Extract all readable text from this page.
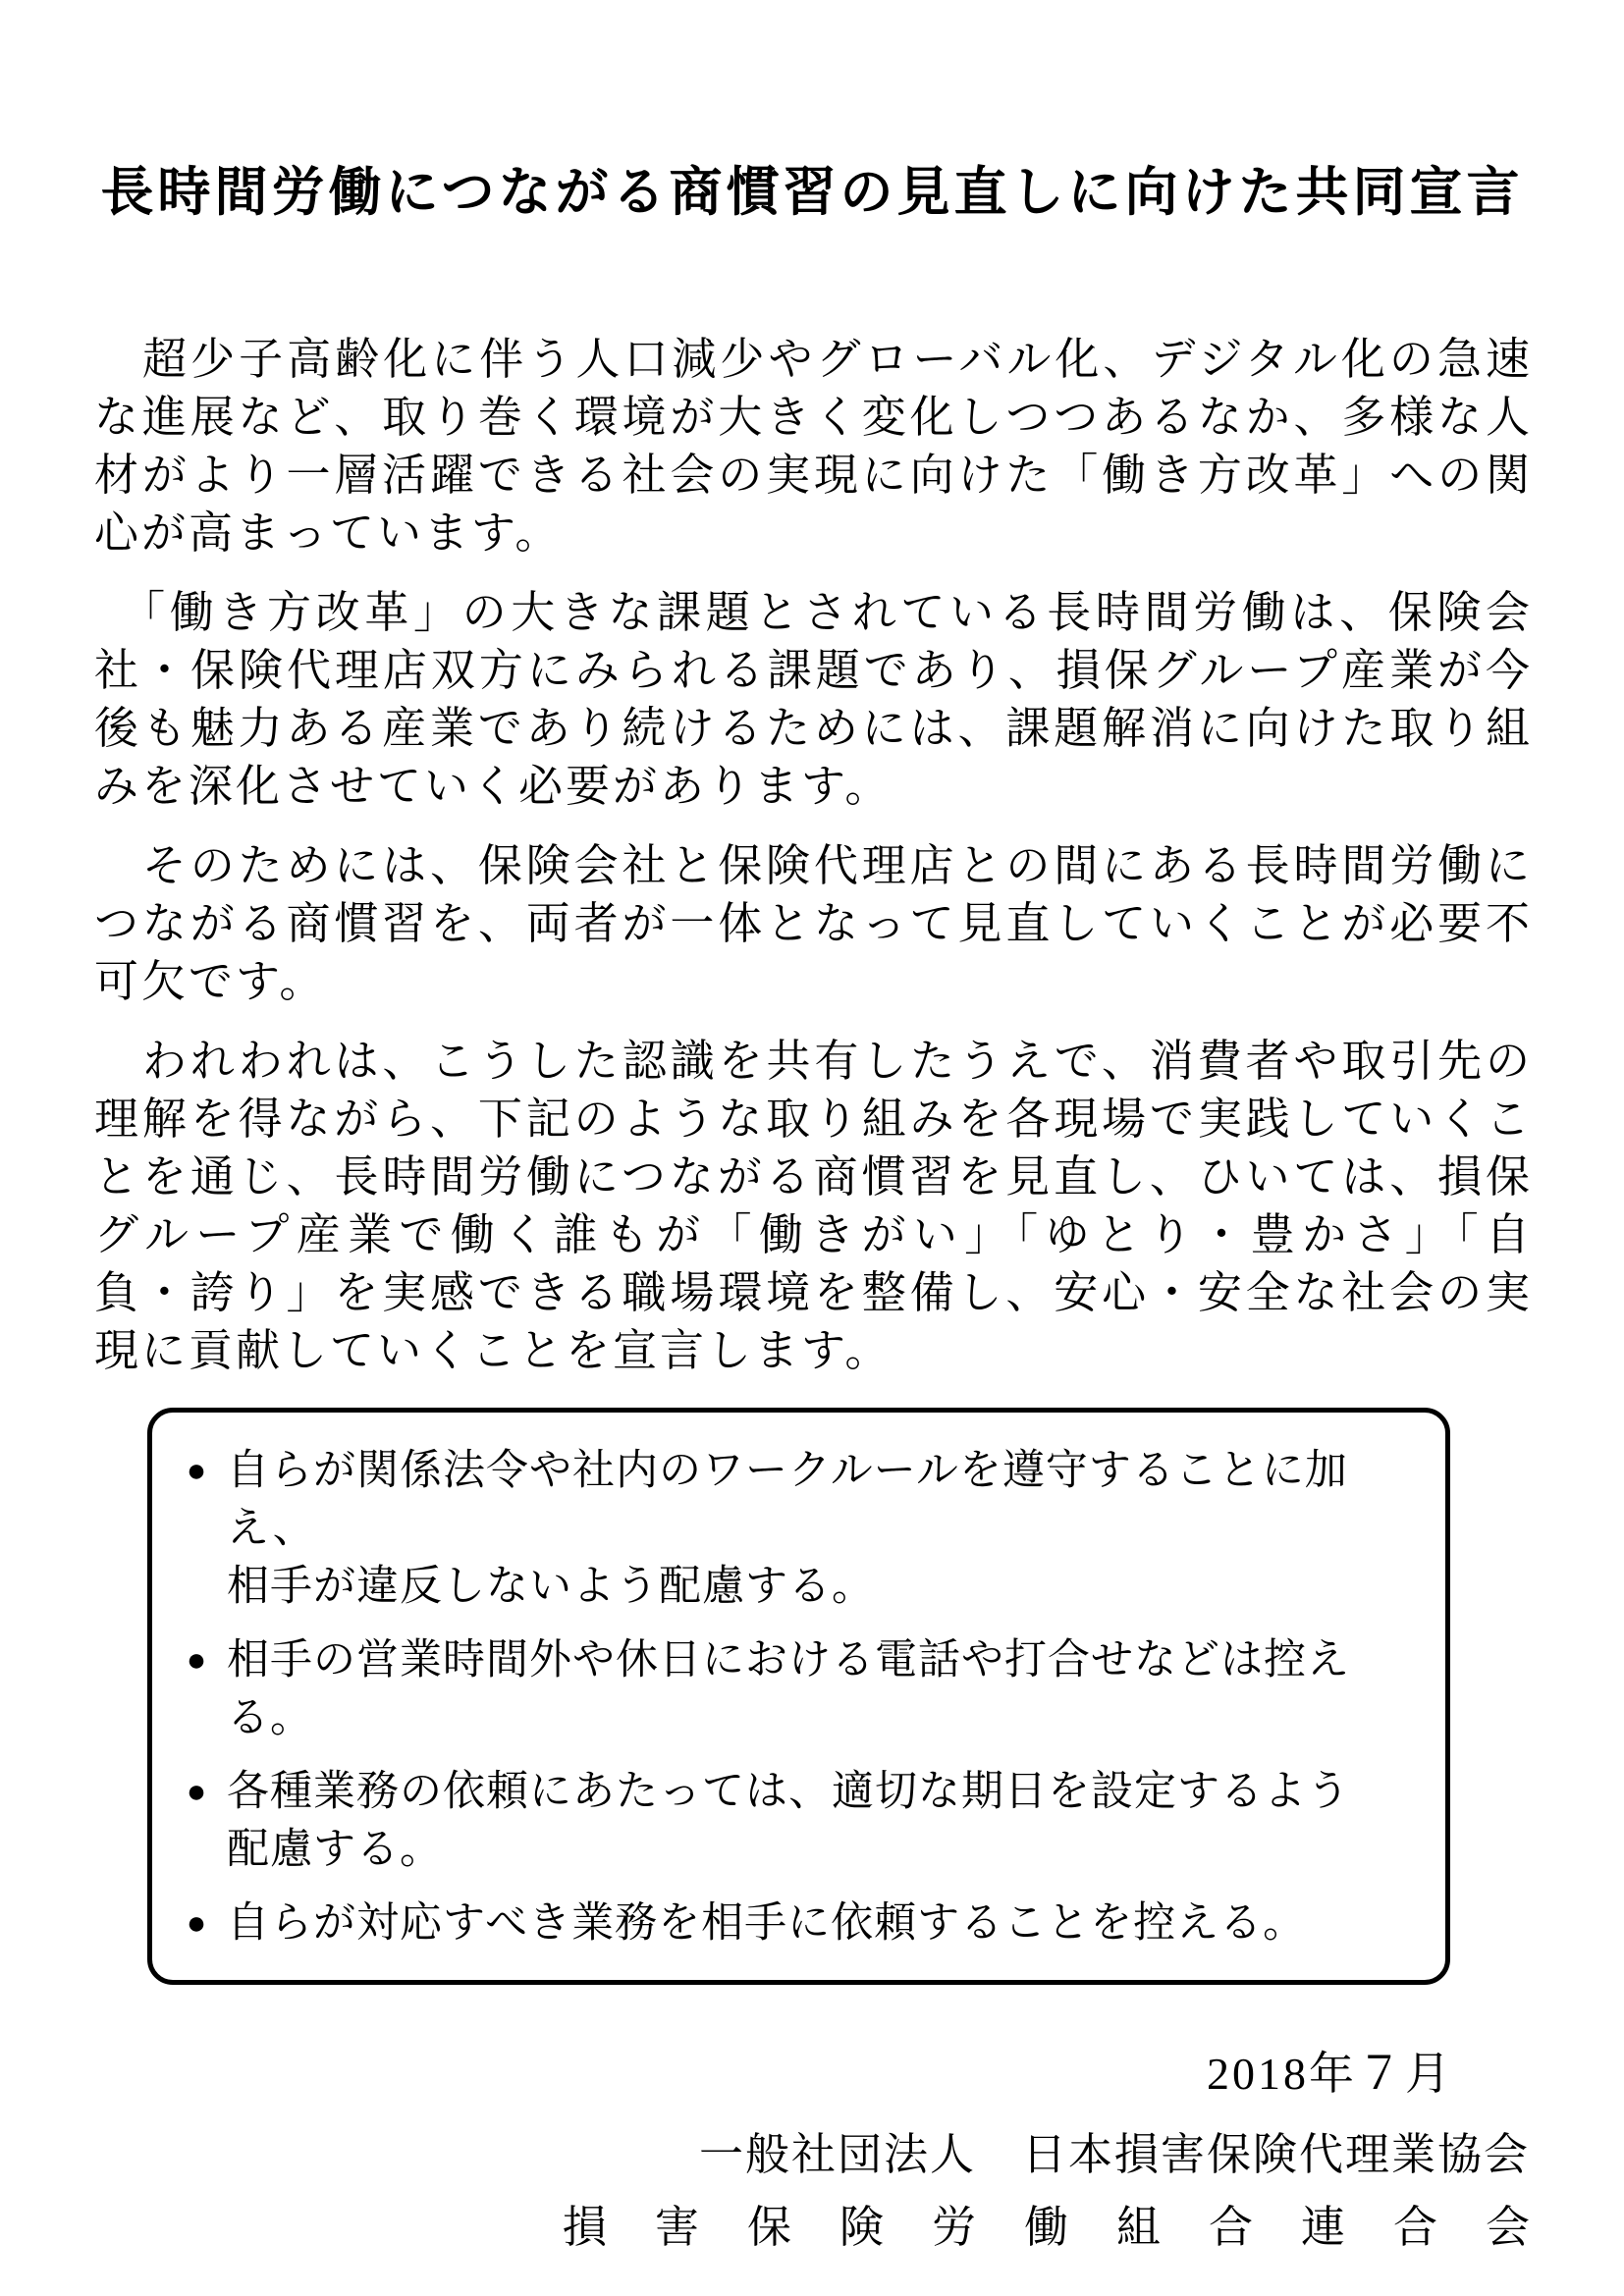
長時間労働につながる商慣習の見直しに向けた共同宣言
　超少子高齢化に伴う人口減少やグローバル化、デジタル化の急速
な進展など、取り巻く環境が大きく変化しつつあるなか、多様な人
材がより一層活躍できる社会の実現に向けた「働き方改革」への関
心が高まっています。
　「働き方改革」の大きな課題とされている長時間労働は、保険会
社・保険代理店双方にみられる課題であり、損保グループ産業が今
後も魅力ある産業であり続けるためには、課題解消に向けた取り組
みを深化させていく必要があります。
　そのためには、保険会社と保険代理店との間にある長時間労働に
つながる商慣習を、両者が一体となって見直していくことが必要不
可欠です。
　われわれは、こうした認識を共有したうえで、消費者や取引先の
理解を得ながら、下記のような取り組みを各現場で実践していくこ
とを通じ、長時間労働につながる商慣習を見直し、ひいては、損保
グループ産業で働く誰もが「働きがい」「ゆとり・豊かさ」「自
負・誇り」を実感できる職場環境を整備し、安心・安全な社会の実
現に貢献していくことを宣言します。
● 自らが関係法令や社内のワークルールを遵守することに加え、
相手が違反しないよう配慮する。
● 相手の営業時間外や休日における電話や打合せなどは控える。
● 各種業務の依頼にあたっては、適切な期日を設定するよう
配慮する。
● 自らが対応すべき業務を相手に依頼することを控える。
2018年７月
一般社団法人　日本損害保険代理業協会
損害保険労働組合連合会
